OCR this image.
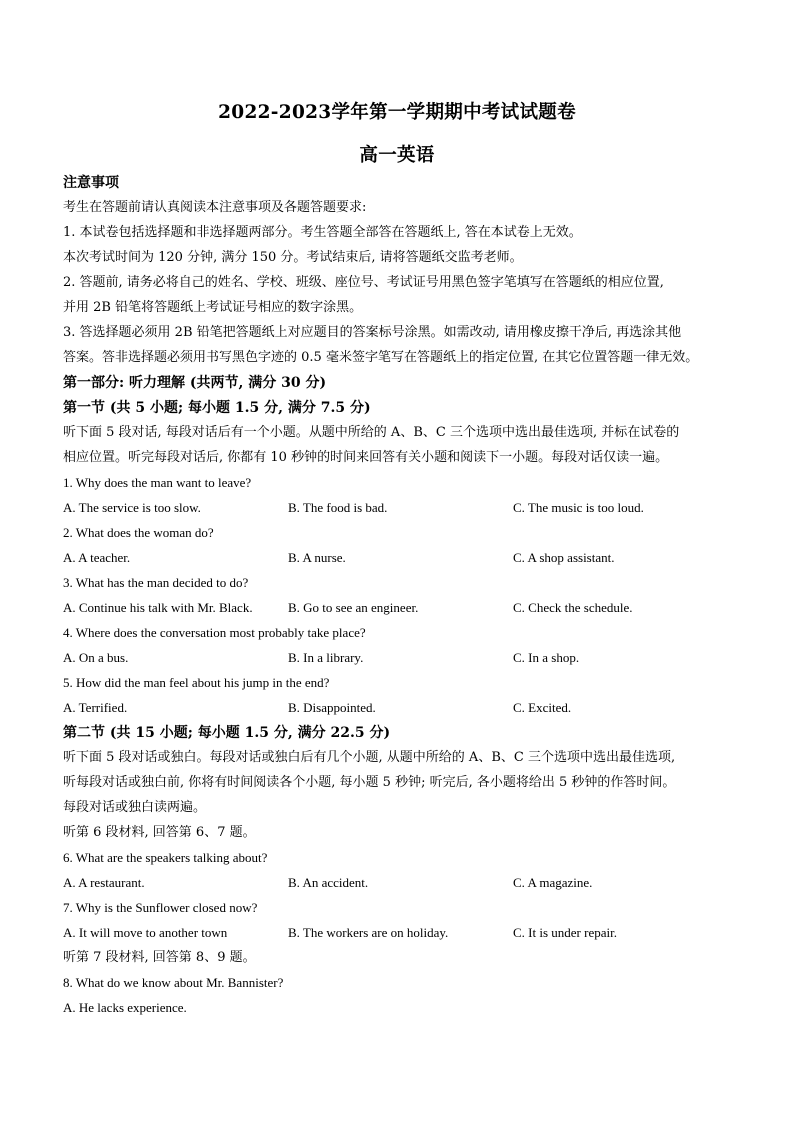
2022-2023学年第一学期期中考试试题卷
高一英语
注意事项
考生在答题前请认真阅读本注意事项及各题答题要求:
1. 本试卷包括选择题和非选择题两部分。考生答题全部答在答题纸上, 答在本试卷上无效。
本次考试时间为 120 分钟, 满分 150 分。考试结束后, 请将答题纸交监考老师。
2. 答题前, 请务必将自己的姓名、学校、班级、座位号、考试证号用黑色签字笔填写在答题纸的相应位置,
并用 2B 铅笔将答题纸上考试证号相应的数字涂黑。
3. 答选择题必须用 2B 铅笔把答题纸上对应题目的答案标号涂黑。如需改动, 请用橡皮擦干净后, 再选涂其他
答案。答非选择题必须用书写黑色字迹的 0.5 毫米签字笔写在答题纸上的指定位置, 在其它位置答题一律无效。
第一部分: 听力理解 (共两节, 满分 30 分)
第一节 (共 5 小题; 每小题 1.5 分, 满分 7.5 分)
听下面 5 段对话, 每段对话后有一个小题。从题中所给的 A、B、C 三个选项中选出最佳选项, 并标在试卷的
相应位置。听完每段对话后, 你都有 10 秒钟的时间来回答有关小题和阅读下一小题。每段对话仅读一遍。
1. Why does the man want to leave?
A. The service is too slow.	B. The food is bad.	C. The music is too loud.
2. What does the woman do?
A. A teacher.	B. A nurse.	C. A shop assistant.
3. What has the man decided to do?
A. Continue his talk with Mr. Black.	B. Go to see an engineer.	C. Check the schedule.
4. Where does the conversation most probably take place?
A. On a bus.	B. In a library.	C. In a shop.
5. How did the man feel about his jump in the end?
A. Terrified.	B. Disappointed.	C. Excited.
第二节 (共 15 小题; 每小题 1.5 分, 满分 22.5 分)
听下面 5 段对话或独白。每段对话或独白后有几个小题, 从题中所给的 A、B、C 三个选项中选出最佳选项,
听每段对话或独白前, 你将有时间阅读各个小题, 每小题 5 秒钟; 听完后, 各小题将给出 5 秒钟的作答时间。
每段对话或独白读两遍。
听第 6 段材料, 回答第 6、7 题。
6. What are the speakers talking about?
A. A restaurant.	B. An accident.	C. A magazine.
7. Why is the Sunflower closed now?
A. It will move to another town	B. The workers are on holiday.	C. It is under repair.
听第 7 段材料, 回答第 8、9 题。
8. What do we know about Mr. Bannister?
A. He lacks experience.
